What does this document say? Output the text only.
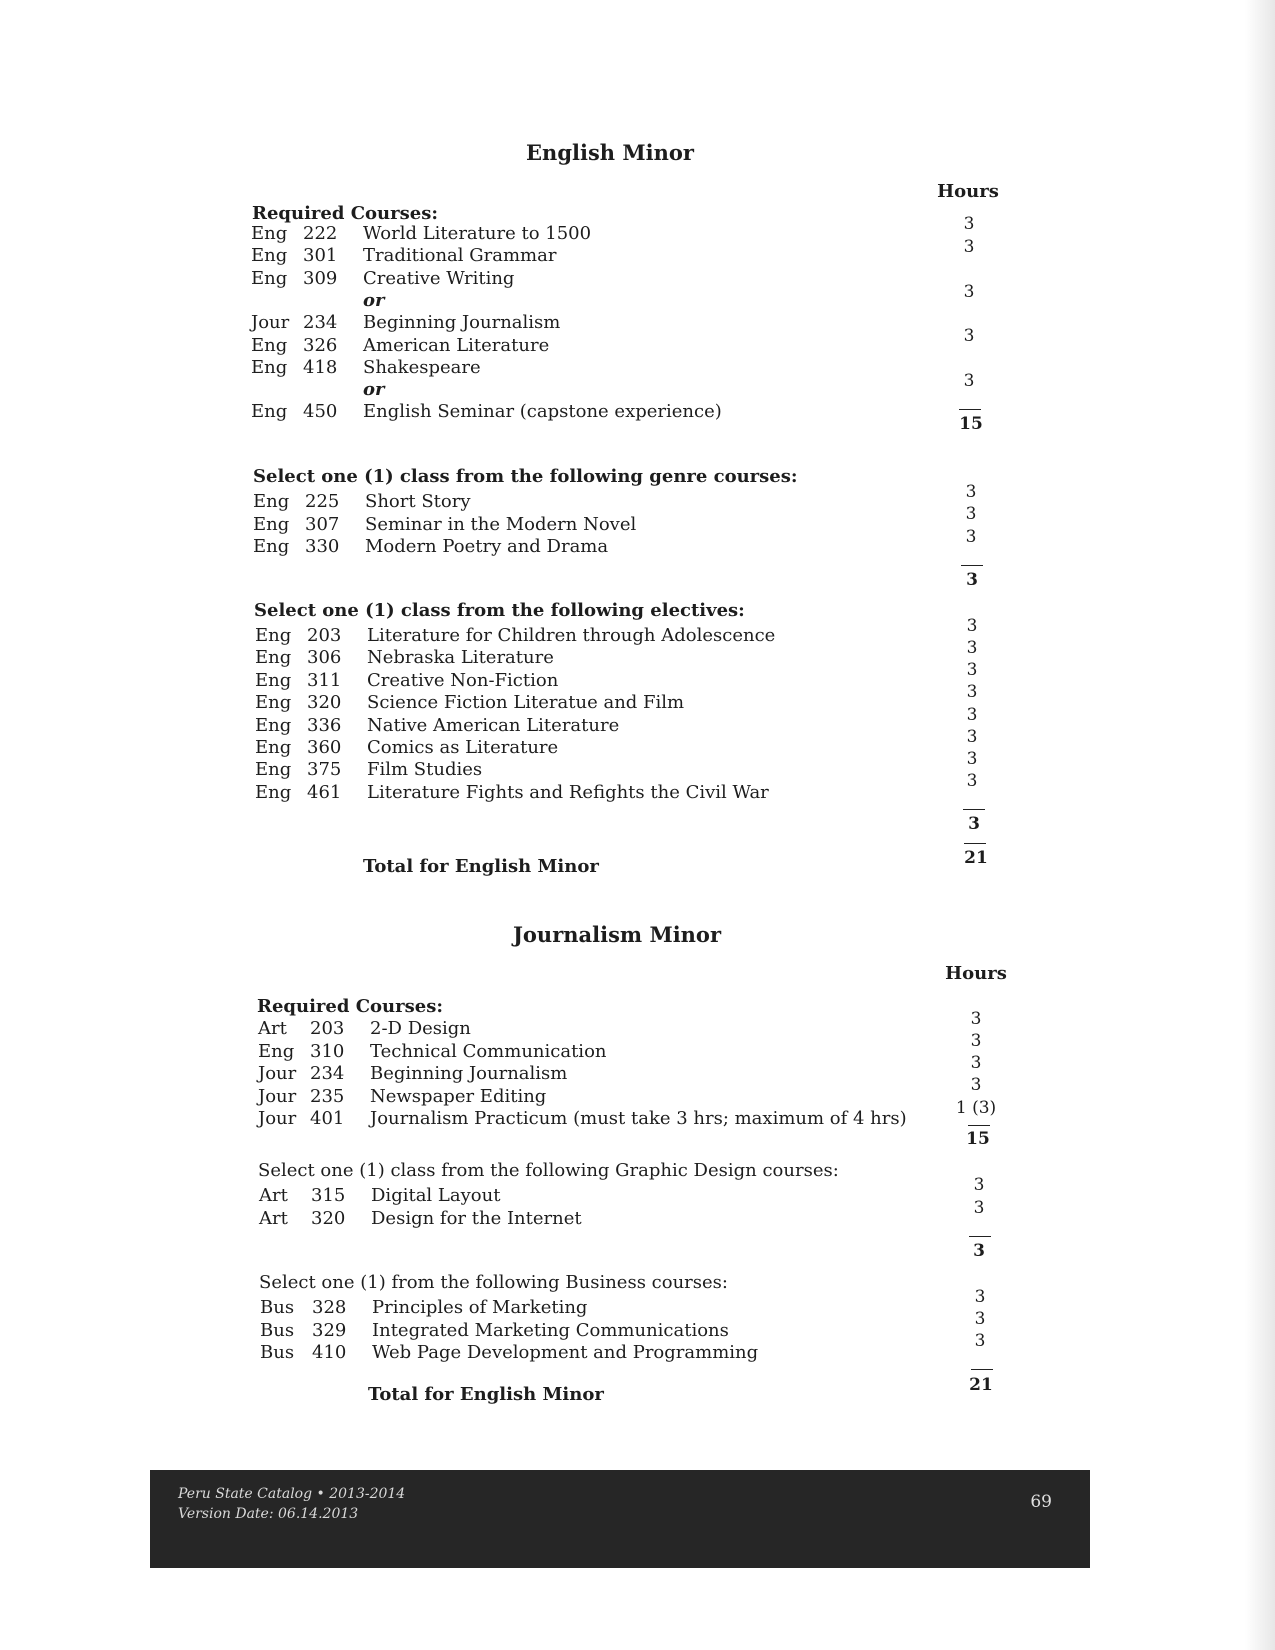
English Minor
Hours
Required Courses:
Eng 222 World Literature to 1500
Eng 301 Traditional Grammar
Eng 309 Creative Writing
or
Jour 234 Beginning Journalism
Eng 326 American Literature
Eng 418 Shakespeare
or
Eng 450 English Seminar (capstone experience)
Select one (1) class from the following genre courses:
Eng 225 Short Story
Eng 307 Seminar in the Modern Novel
Eng 330 Modern Poetry and Drama
Select one (1) class from the following electives:
Eng 203 Literature for Children through Adolescence
Eng 306 Nebraska Literature
Eng 311 Creative Non-Fiction
Eng 320 Science Fiction Literatue and Film
Eng 336 Native American Literature
Eng 360 Comics as Literature
Eng 375 Film Studies
Eng 461 Literature Fights and Refights the Civil War
Total for English Minor
Journalism Minor
Hours
Required Courses:
Art 203 2-D Design
Eng 310 Technical Communication
Jour 234 Beginning Journalism
Jour 235 Newspaper Editing
Jour 401 Journalism Practicum (must take 3 hrs; maximum of 4 hrs)
Select one (1) class from the following Graphic Design courses:
Art 315 Digital Layout
Art 320 Design for the Internet
Select one (1) from the following Business courses:
Bus 328 Principles of Marketing
Bus 329 Integrated Marketing Communications
Bus 410 Web Page Development and Programming
Total for English Minor
3
3
3
3
3
15
3
3
3
3
3
3
3
3
3
3
3
3
3
21
3
3
3
3
1 (3)
15
3
3
3
3
3
3
21
Peru State Catalog • 2013-2014
Version Date: 06.14.2013
69
